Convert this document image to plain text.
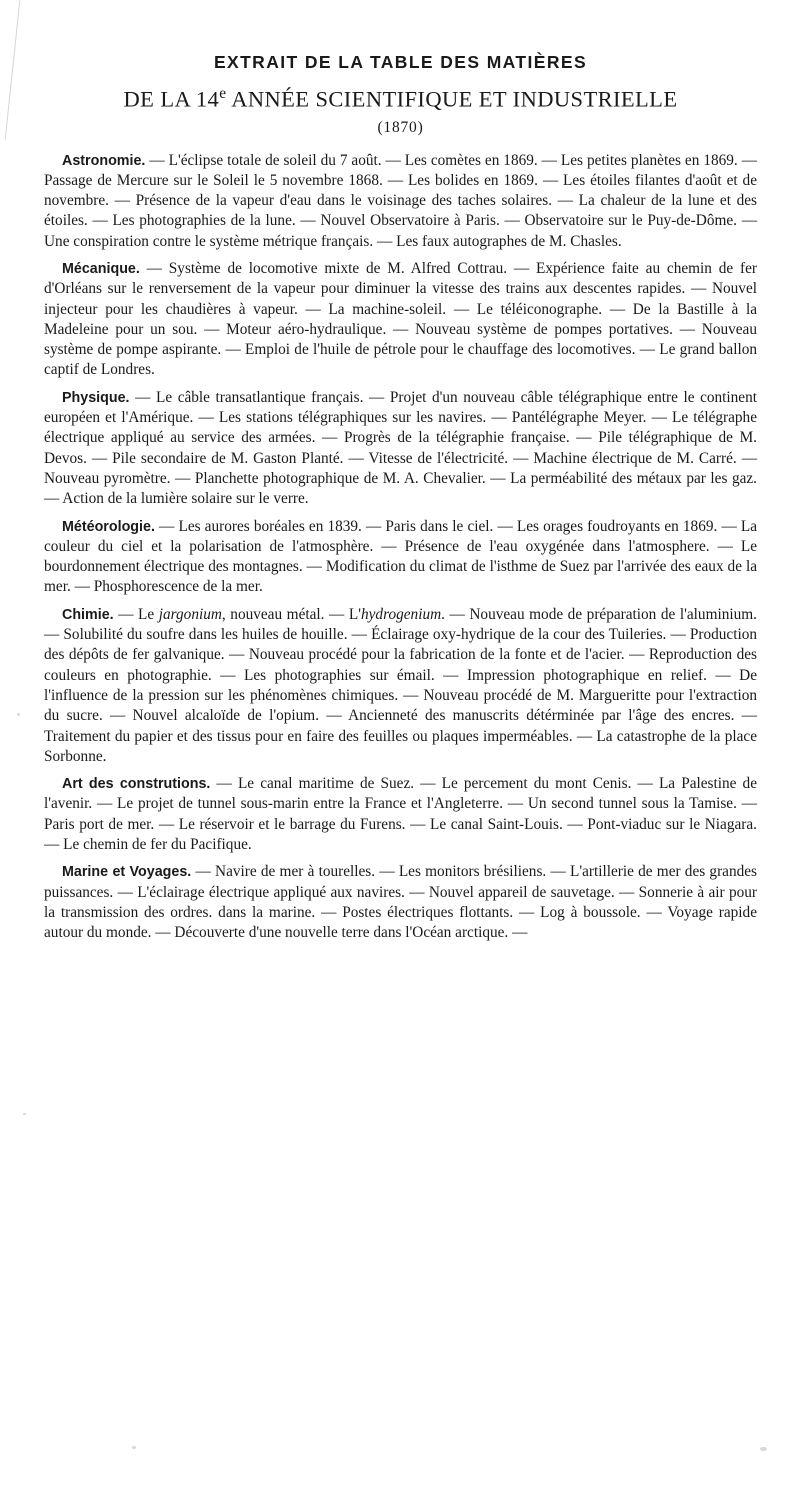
EXTRAIT DE LA TABLE DES MATIÈRES
DE LA 14e ANNÉE SCIENTIFIQUE ET INDUSTRIELLE
(1870)

Astronomie. — L'éclipse totale de soleil du 7 août. — Les comètes en 1869. — Les petites planètes en 1869. — Passage de Mercure sur le Soleil le 5 novembre 1868. — Les bolides en 1869. — Les étoiles filantes d'août et de novembre. — Présence de la vapeur d'eau dans le voisinage des taches solaires. — La chaleur de la lune et des étoiles. — Les photographies de la lune. — Nouvel Observatoire à Paris. — Observatoire sur le Puy-de-Dôme. — Une conspiration contre le système métrique français. — Les faux autographes de M. Chasles.

Mécanique. — Système de locomotive mixte de M. Alfred Cottrau. — Expérience faite au chemin de fer d'Orléans sur le renversement de la vapeur pour diminuer la vitesse des trains aux descentes rapides. — Nouvel injecteur pour les chaudières à vapeur. — La machine-soleil. — Le téléiconographe. — De la Bastille à la Madeleine pour un sou. — Moteur aéro-hydraulique. — Nouveau système de pompes portatives. — Nouveau système de pompe aspirante. — Emploi de l'huile de pétrole pour le chauffage des locomotives. — Le grand ballon captif de Londres.

Physique. — Le câble transatlantique français. — Projet d'un nouveau câble télégraphique entre le continent européen et l'Amérique. — Les stations télégraphiques sur les navires. — Pantélégraphe Meyer. — Le télégraphe électrique appliqué au service des armées. — Progrès de la télégraphie française. — Pile télégraphique de M. Devos. — Pile secondaire de M. Gaston Planté. — Vitesse de l'électricité. — Machine électrique de M. Carré. — Nouveau pyromètre. — Planchette photographique de M. A. Chevalier. — La perméabilité des métaux par les gaz. — Action de la lumière solaire sur le verre.

Météorologie. — Les aurores boréales en 1839. — Paris dans le ciel. — Les orages foudroyants en 1869. — La couleur du ciel et la polarisation de l'atmosphère. — Présence de l'eau oxygénée dans l'atmosphere. — Le bourdonnement électrique des montagnes. — Modification du climat de l'isthme de Suez par l'arrivée des eaux de la mer. — Phosphorescence de la mer.

Chimie. — Le jargonium, nouveau métal. — L'hydrogenium. — Nouveau mode de préparation de l'aluminium. — Solubilité du soufre dans les huiles de houille. — Éclairage oxy-hydrique de la cour des Tuileries. — Production des dépôts de fer galvanique. — Nouveau procédé pour la fabrication de la fonte et de l'acier. — Reproduction des couleurs en photographie. — Les photographies sur émail. — Impression photographique en relief. — De l'influence de la pression sur les phénomènes chimiques. — Nouveau procédé de M. Margueritte pour l'extraction du sucre. — Nouvel alcaloïde de l'opium. — Ancienneté des manuscrits détérminée par l'âge des encres. — Traitement du papier et des tissus pour en faire des feuilles ou plaques imperméables. — La catastrophe de la place Sorbonne.

Art des construtions. — Le canal maritime de Suez. — Le percement du mont Cenis. — La Palestine de l'avenir. — Le projet de tunnel sous-marin entre la France et l'Angleterre. — Un second tunnel sous la Tamise. — Paris port de mer. — Le réservoir et le barrage du Furens. — Le canal Saint-Louis. — Pont-viaduc sur le Niagara. — Le chemin de fer du Pacifique.

Marine et Voyages. — Navire de mer à tourelles. — Les monitors brésiliens. — L'artillerie de mer des grandes puissances. — L'éclairage électrique appliqué aux navires. — Nouvel appareil de sauvetage. — Sonnerie à air pour la transmission des ordres. dans la marine. — Postes électriques flottants. — Log à boussole. — Voyage rapide autour du monde. — Découverte d'une nouvelle terre dans l'Océan arctique. —
